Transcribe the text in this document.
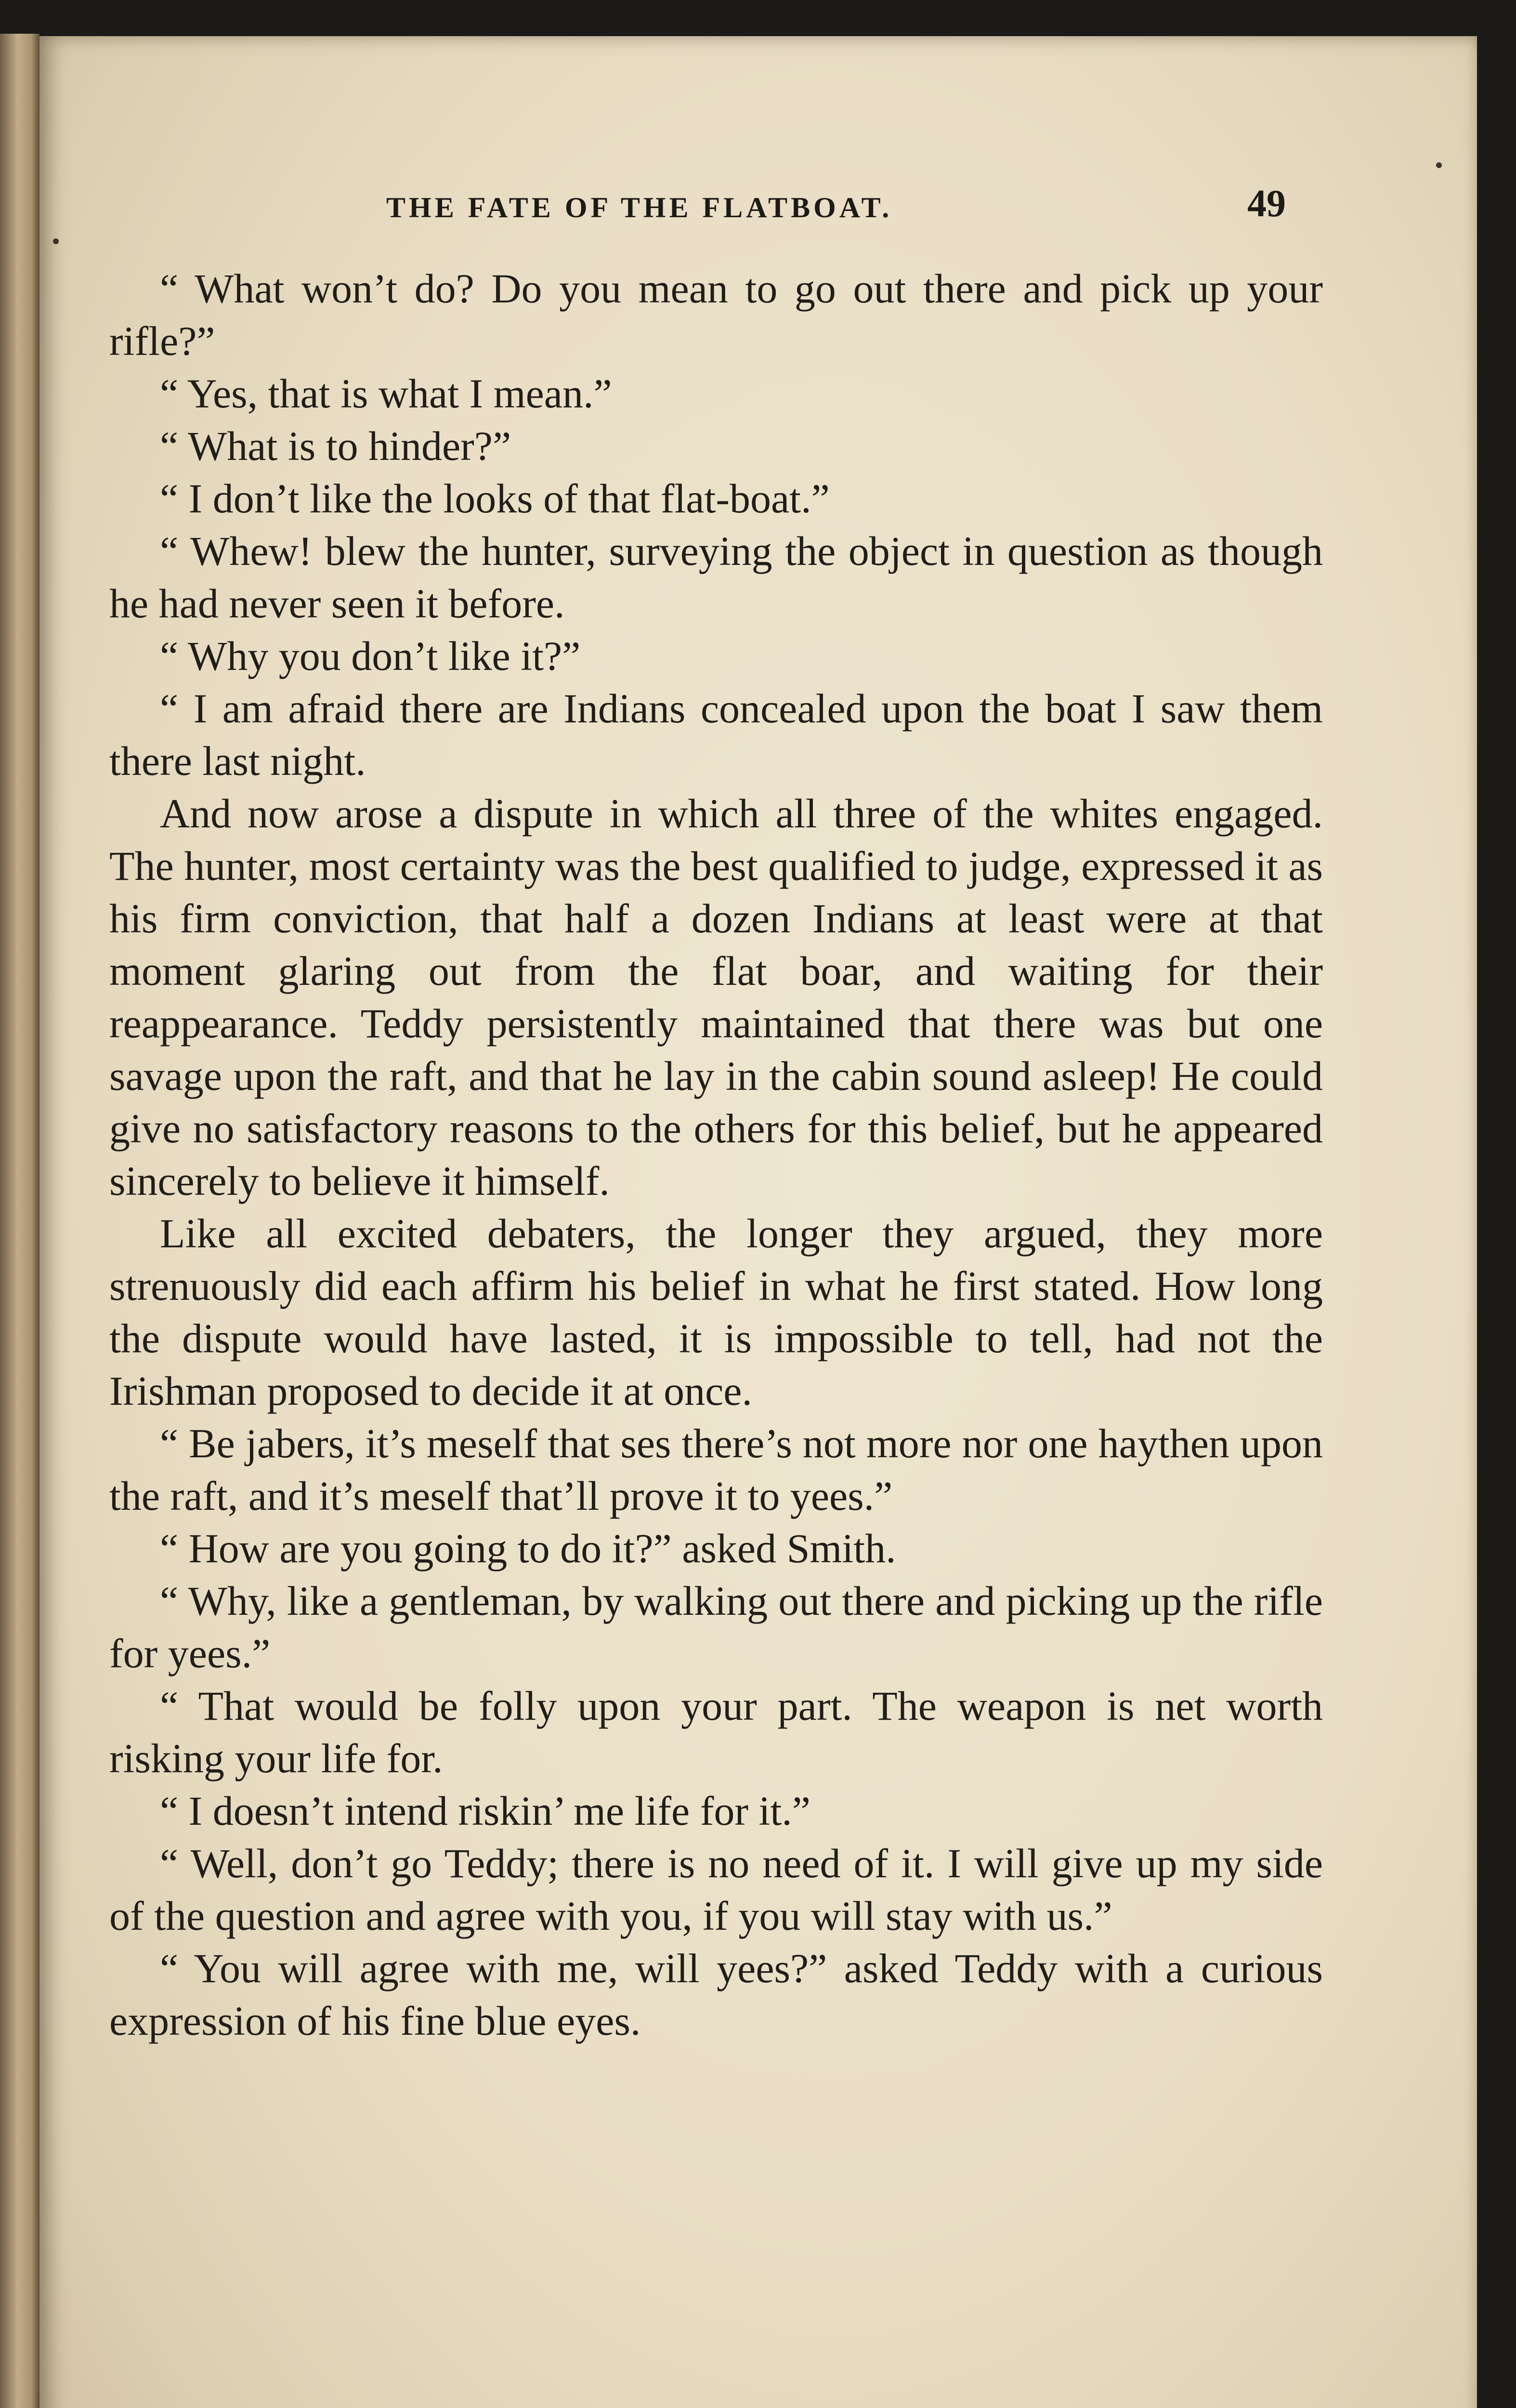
THE FATE OF THE FLATBOAT.	49

“ What won’t do? Do you mean to go out there and pick up your rifle?”

“ Yes, that is what I mean.”

“ What is to hinder?”

“ I don’t like the looks of that flat-boat.”

“ Whew! blew the hunter, surveying the object in question as though he had never seen it before.

“ Why you don’t like it?”

“ I am afraid there are Indians concealed upon the boat I saw them there last night.

And now arose a dispute in which all three of the whites engaged. The hunter, most certainty was the best qualified to judge, expressed it as his firm conviction, that half a dozen Indians at least were at that moment glaring out from the flat boar, and waiting for their reappearance. Teddy persistently maintained that there was but one savage upon the raft, and that he lay in the cabin sound asleep! He could give no satisfactory reasons to the others for this belief, but he appeared sincerely to believe it himself.

Like all excited debaters, the longer they argued, they more strenuously did each affirm his belief in what he first stated. How long the dispute would have lasted, it is impossible to tell, had not the Irishman proposed to decide it at once.

“ Be jabers, it’s meself that ses there’s not more nor one haythen upon the raft, and it’s meself that’ll prove it to yees.”

“ How are you going to do it?” asked Smith.

“ Why, like a gentleman, by walking out there and picking up the rifle for yees.”

“ That would be folly upon your part. The weapon is net worth risking your life for.

“ I doesn’t intend riskin’ me life for it.”

“ Well, don’t go Teddy; there is no need of it. I will give up my side of the question and agree with you, if you will stay with us.”

“ You will agree with me, will yees?” asked Teddy with a curious expression of his fine blue eyes.
